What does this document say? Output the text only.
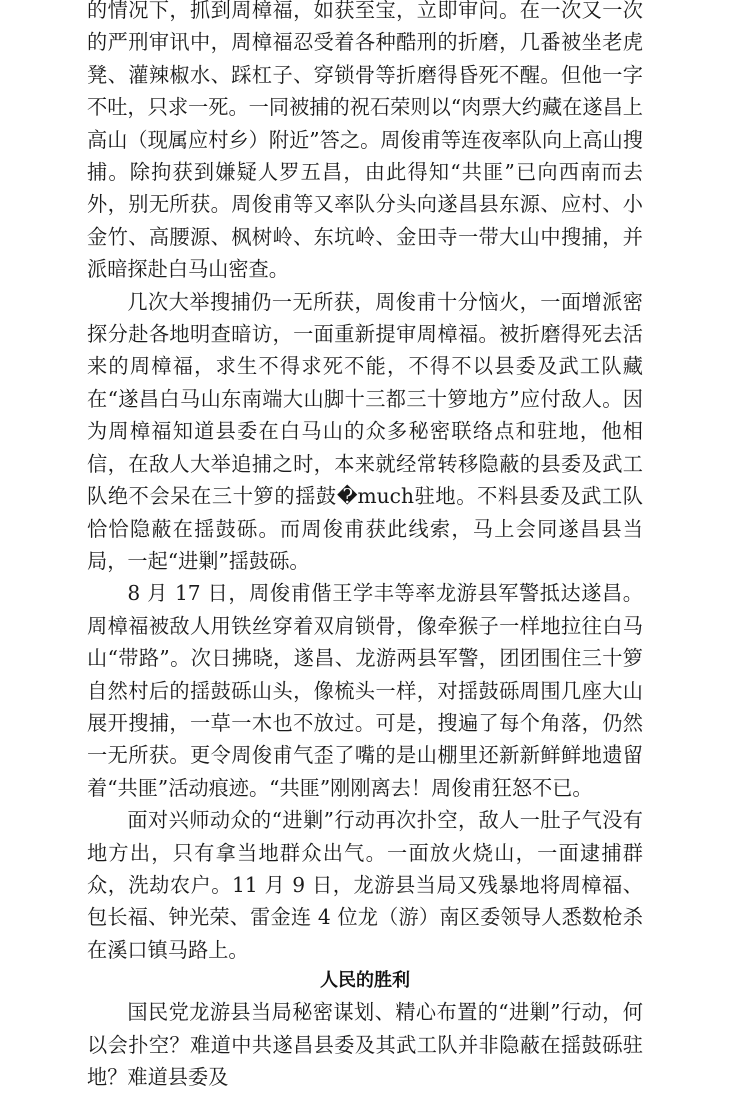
的情况下，抓到周樟福，如获至宝，立即审问。在一次又一次的严刑审讯中，周樟福忍受着各种酷刑的折磨，几番被坐老虎凳、灌辣椒水、踩杠子、穿锁骨等折磨得昏死不醒。但他一字不吐，只求一死。一同被捕的祝石荣则以“肉票大约藏在遂昌上高山（现属应村乡）附近”答之。周俊甫等连夜率队向上高山搜捕。除拘获到嫌疑人罗五昌，由此得知“共匪”已向西南而去外，别无所获。周俊甫等又率队分头向遂昌县东源、应村、小金竹、高腰源、枫树岭、东坑岭、金田寺一带大山中搜捕，并派暗探赴白马山密查。

几次大举搜捕仍一无所获，周俊甫十分恼火，一面增派密探分赴各地明查暗访，一面重新提审周樟福。被折磨得死去活来的周樟福，求生不得求死不能，不得不以县委及武工队藏在“遂昌白马山东南端大山脚十三都三十箩地方”应付敌人。因为周樟福知道县委在白马山的众多秘密联络点和驻地，他相信，在敌人大举追捕之时，本来就经常转移隐蔽的县委及武工队绝不会呆在三十箩的揺鼓�much驻地。不料县委及武工队恰恰隐蔽在揺鼓砾。而周俊甫获此线索，马上会同遂昌县当局，一起“进剿”揺鼓砾。

8 月 17 日，周俊甫偕王学丰等率龙游县军警抵达遂昌。周樟福被敌人用铁丝穿着双肩锁骨，像牵猴子一样地拉往白马山“带路”。次日拂晓，遂昌、龙游两县军警，团团围住三十箩自然村后的揺鼓砾山头，像梳头一样，对揺鼓砾周围几座大山展开搜捕，一草一木也不放过。可是，搜遍了每个角落，仍然一无所获。更令周俊甫气歪了嘴的是山棚里还新新鲜鲜地遗留着“共匪”活动痕迹。“共匪”刚刚离去！周俊甫狂怒不已。

面对兴师动众的“进剿”行动再次扑空，敌人一肚子气没有地方出，只有拿当地群众出气。一面放火烧山，一面逮捕群众，洗劫农户。11 月 9 日，龙游县当局又残暴地将周樟福、包长福、钟光荣、雷金连 4 位龙（游）南区委领导人悉数枪杀在溪口镇马路上。

人民的胜利

国民党龙游县当局秘密谋划、精心布置的“进剿”行动，何以会扑空？难道中共遂昌县委及其武工队并非隐蔽在揺鼓砾驻地？难道县委及
